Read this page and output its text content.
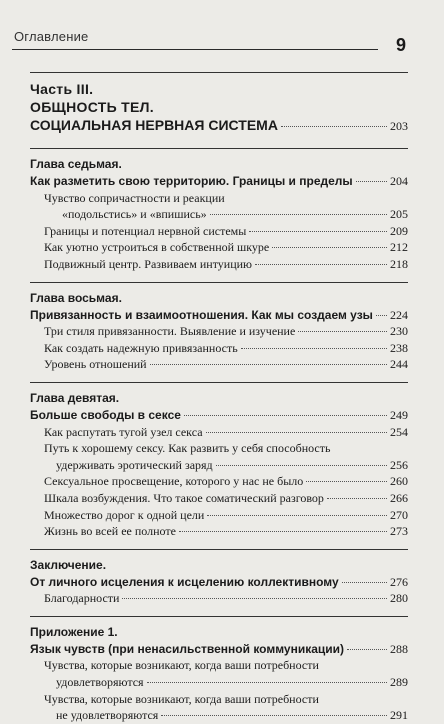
Оглавление	9
Часть III.
ОБЩНОСТЬ ТЕЛ.
СОЦИАЛЬНАЯ НЕРВНАЯ СИСТЕМА	203
Глава седьмая.
Как разметить свою территорию. Границы и пределы	204
Чувство сопричастности и реакции
«подольстись» и «впишись»	205
Границы и потенциал нервной системы	209
Как уютно устроиться в собственной шкуре	212
Подвижный центр. Развиваем интуицию	218
Глава восьмая.
Привязанность и взаимоотношения. Как мы создаем узы 224
Три стиля привязанности. Выявление и изучение	230
Как создать надежную привязанность	238
Уровень отношений	244
Глава девятая.
Больше свободы в сексе	249
Как распутать тугой узел секса	254
Путь к хорошему сексу. Как развить у себя способность
удерживать эротический заряд	256
Сексуальное просвещение, которого у нас не было	260
Шкала возбуждения. Что такое соматический разговор	266
Множество дорог к одной цели	270
Жизнь во всей ее полноте	273
Заключение.
От личного исцеления к исцелению коллективному	276
Благодарности	280
Приложение 1.
Язык чувств (при ненасильственной коммуникации)	288
Чувства, которые возникают, когда ваши потребности
удовлетворяются	289
Чувства, которые возникают, когда ваши потребности
не удовлетворяются	291
